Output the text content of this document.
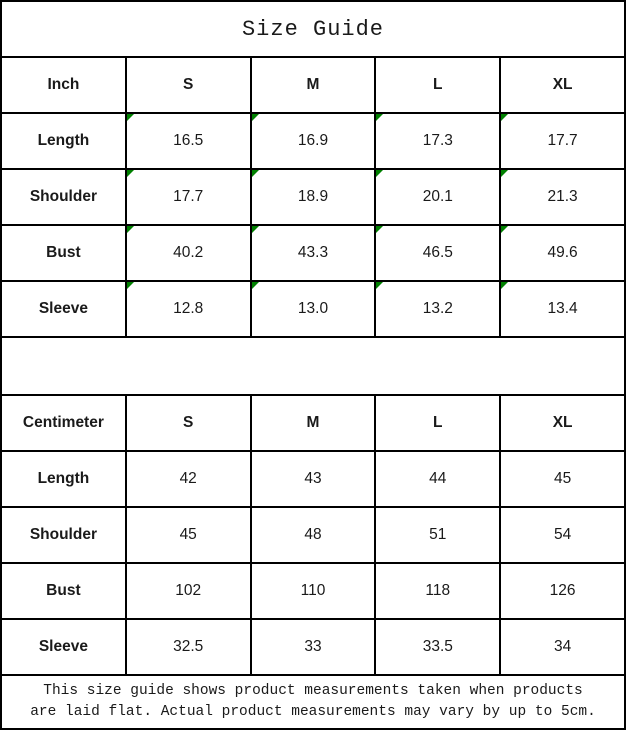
Size Guide				
Inch	S	M	L	XL
Length	16.5	16.9	17.3	17.7
Shoulder	17.7	18.9	20.1	21.3
Bust	40.2	43.3	46.5	49.6
Sleeve	12.8	13.0	13.2	13.4

Centimeter	S	M	L	XL
Length	42	43	44	45
Shoulder	45	48	51	54
Bust	102	110	118	126
Sleeve	32.5	33	33.5	34

This size guide shows product measurements taken when products
are laid flat. Actual product measurements may vary by up to 5cm.				
